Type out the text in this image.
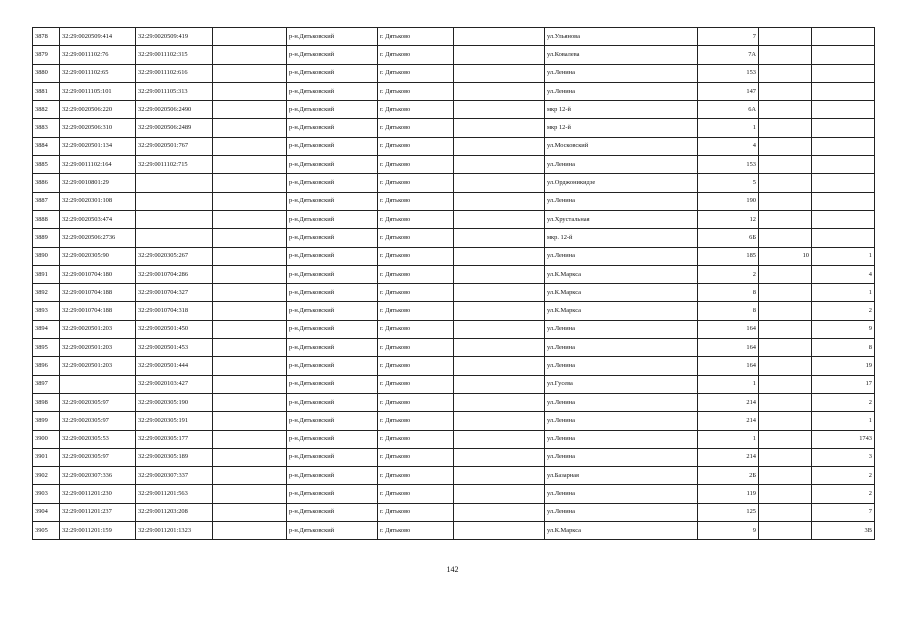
3878	32:29:0020509:414	32:29:0020509:419		р-н.Дятьковский	г. Дятьково		ул.Ульянова	7		
3879	32:29:0011102:76	32:29:0011102:315		р-н.Дятьковский	г. Дятьково		ул.Ковалева	7А		
3880	32:29:0011102:65	32:29:0011102:616		р-н.Дятьковский	г. Дятьково		ул.Ленина	153		
3881	32:29:0011105:101	32:29:0011105:313		р-н.Дятьковский	г. Дятьково		ул.Ленина	147		
3882	32:29:0020506:220	32:29:0020506:2490		р-н.Дятьковский	г. Дятьково		мкр 12-й	6А		
3883	32:29:0020506:310	32:29:0020506:2489		р-н.Дятьковский	г. Дятьково		мкр 12-й	1		
3884	32:29:0020501:134	32:29:0020501:767		р-н.Дятьковский	г. Дятьково		ул.Московский	4		
3885	32:29:0011102:164	32:29:0011102:715		р-н.Дятьковский	г. Дятьково		ул.Ленина	153		
3886	32:29:0010801:29			р-н.Дятьковский	г. Дятьково		ул.Орджоникидзе	5		
3887	32:29:0020301:108			р-н.Дятьковский	г. Дятьково		ул.Ленина	190		
3888	32:29:0020503:474			р-н.Дятьковский	г. Дятьково		ул.Хрустальная	12		
3889	32:29:0020506:2736			р-н.Дятьковский	г. Дятьково		мкр. 12-й	6Б		
3890	32:29:0020305:90	32:29:0020305:267		р-н.Дятьковский	г. Дятьково		ул.Ленина	185	10	1
3891	32:29:0010704:180	32:29:0010704:286		р-н.Дятьковский	г. Дятьково		ул.К.Маркса	2		4
3892	32:29:0010704:188	32:29:0010704:327		р-н.Дятьковский	г. Дятьково		ул.К.Маркса	8		1
3893	32:29:0010704:188	32:29:0010704:318		р-н.Дятьковский	г. Дятьково		ул.К.Маркса	8		2
3894	32:29:0020501:203	32:29:0020501:450		р-н.Дятьковский	г. Дятьково		ул.Ленина	164		9
3895	32:29:0020501:203	32:29:0020501:453		р-н.Дятьковский	г. Дятьково		ул.Ленина	164		8
3896	32:29:0020501:203	32:29:0020501:444		р-н.Дятьковский	г. Дятьково		ул.Ленина	164		19
3897		32:29:0020103:427		р-н.Дятьковский	г. Дятьково		ул.Гусева	1		17
3898	32:29:0020305:97	32:29:0020305:190		р-н.Дятьковский	г. Дятьково		ул.Ленина	214		2
3899	32:29:0020305:97	32:29:0020305:191		р-н.Дятьковский	г. Дятьково		ул.Ленина	214		1
3900	32:29:0020305:53	32:29:0020305:177		р-н.Дятьковский	г. Дятьково		ул.Ленина	1		1743
3901	32:29:0020305:97	32:29:0020305:189		р-н.Дятьковский	г. Дятьково		ул.Ленина	214		3
3902	32:29:0020307:336	32:29:0020307:337		р-н.Дятьковский	г. Дятьково		ул.Базарная	2Б		2
3903	32:29:0011201:230	32:29:0011201:563		р-н.Дятьковский	г. Дятьково		ул.Ленина	119		2
3904	32:29:0011201:237	32:29:0011203:208		р-н.Дятьковский	г. Дятьково		ул.Ленина	125		7
3905	32:29:0011201:159	32:29:0011201:1323		р-н.Дятьковский	г. Дятьково		ул.К.Маркса	9		3В
142
